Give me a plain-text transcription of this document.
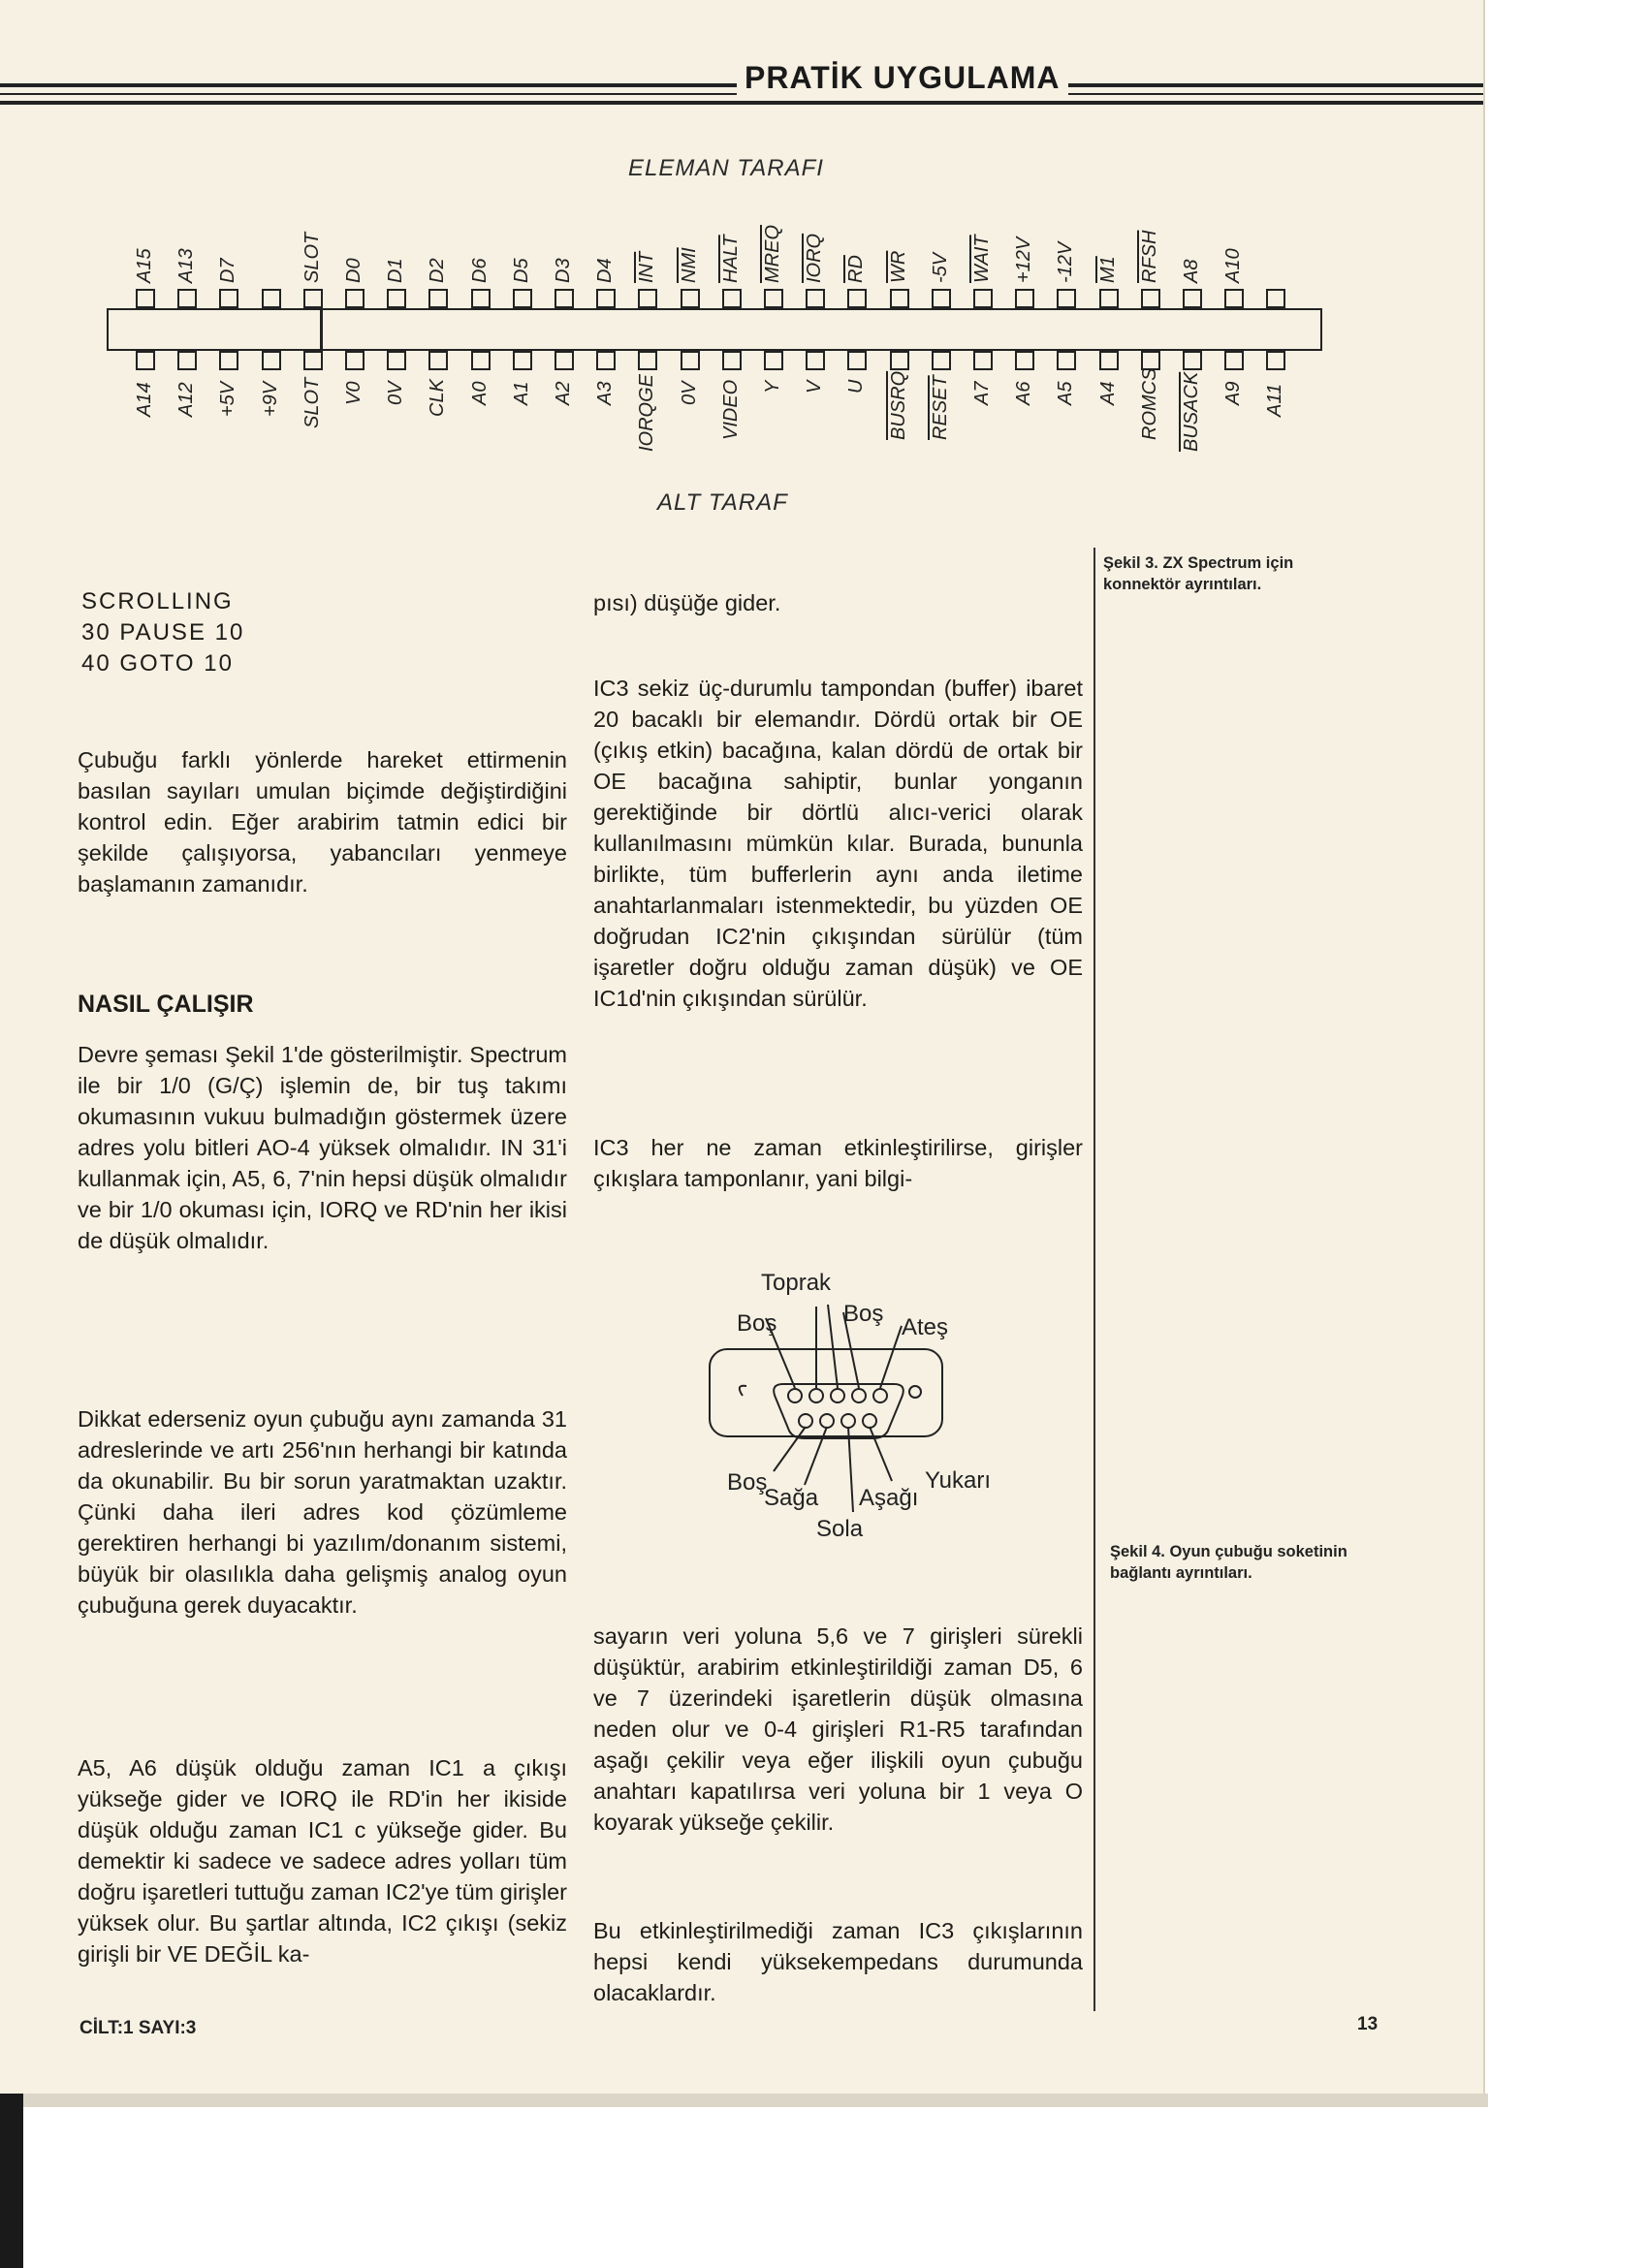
PRATİK UYGULAMA
ELEMAN TARAFI
A15 A13 D7	SLOT D0 D1 D2 D6 D5 D3 D4 $\overline{INT}$ $\overline{NMI}$ HALT MREQ IORQ $\overline{RD}$ $\overline{WR}$ -5V WAIT +12V -12V M1 RFSH A8 A10
A14 A12 +5V +9V SLOT V0 0V CLK A0 A1 A2 A3 IORQGE 0V VIDEO Y V U BUSRQ RESET A7 A6 A5 A4 ROMCS BUSACK A9 A11
ALT TARAF
Şekil 3. ZX Spectrum için konnektör ayrıntıları.
SCROLLING
30 PAUSE 10
40 GOTO 10

Çubuğu farklı yönlerde hareket ettirmenin basılan sayıları umulan biçimde değiştirdiğini kontrol edin. Eğer arabirim tatmin edici bir şekilde çalışıyorsa, yabancıları yenmeye başlamanın zamanıdır.

NASIL ÇALIŞIR

Devre şeması Şekil 1'de gösterilmiştir. Spectrum ile bir 1/0 (G/Ç) işlemin de, bir tuş takımı okumasının vukuu bulmadığın göstermek üzere adres yolu bitleri AO-4 yüksek olmalıdır. IN 31'i kullanmak için, A5, 6, 7'nin hepsi düşük olmalıdır ve bir 1/0 okuması için, IORQ ve RD'nin her ikisi de düşük olmalıdır.

Dikkat ederseniz oyun çubuğu aynı zamanda 31 adreslerinde ve artı 256'nın herhangi bir katında da okunabilir. Bu bir sorun yaratmaktan uzaktır. Çünki daha ileri adres kod çözümleme gerektiren herhangi bi yazılım/donanım sistemi, büyük bir olasılıkla daha gelişmiş analog oyun çubuğuna gerek duyacaktır.

A5, A6 düşük olduğu zaman IC1 a çıkışı yükseğe gider ve IORQ ile RD'in her ikiside düşük olduğu zaman IC1 c yükseğe gider. Bu demektir ki sadece ve sadece adres yolları tüm doğru işaretleri tuttuğu zaman IC2'ye tüm girişler yüksek olur. Bu şartlar altında, IC2 çıkışı (sekiz girişli bir VE DEĞİL ka-

pısı) düşüğe gider.

IC3 sekiz üç-durumlu tampondan (buffer) ibaret 20 bacaklı bir elemandır. Dördü ortak bir OE (çıkış etkin) bacağına, kalan dördü de ortak bir OE bacağına sahiptir, bunlar yonganın gerektiğinde bir dörtlü alıcı-verici olarak kullanılmasını mümkün kılar. Burada, bununla birlikte, tüm bufferlerin aynı anda iletime anahtarlanmaları istenmektedir, bu yüzden OE doğrudan IC2'nin çıkışından sürülür (tüm işaretler doğru olduğu zaman düşük) ve OE IC1d'nin çıkışından sürülür.

IC3 her ne zaman etkinleştirilirse, girişler çıkışlara tamponlanır, yani bilgi-

Toprak
Boş	Boş
Ateş
Boş
Sağa Aşağı
Yukarı
Sola
Şekil 4. Oyun çubuğu soketinin bağlantı ayrıntıları.

sayarın veri yoluna 5,6 ve 7 girişleri sürekli düşüktür, arabirim etkinleştirildiği zaman D5, 6 ve 7 üzerindeki işaretlerin düşük olmasına neden olur ve 0-4 girişleri R1-R5 tarafından aşağı çekilir veya eğer ilişkili oyun çubuğu anahtarı kapatılırsa veri yoluna bir 1 veya O koyarak yükseğe çekilir.

Bu etkinleştirilmediği zaman IC3 çıkışlarının hepsi kendi yüksekempedans durumunda olacaklardır.

CİLT:1 SAYI:3	13
